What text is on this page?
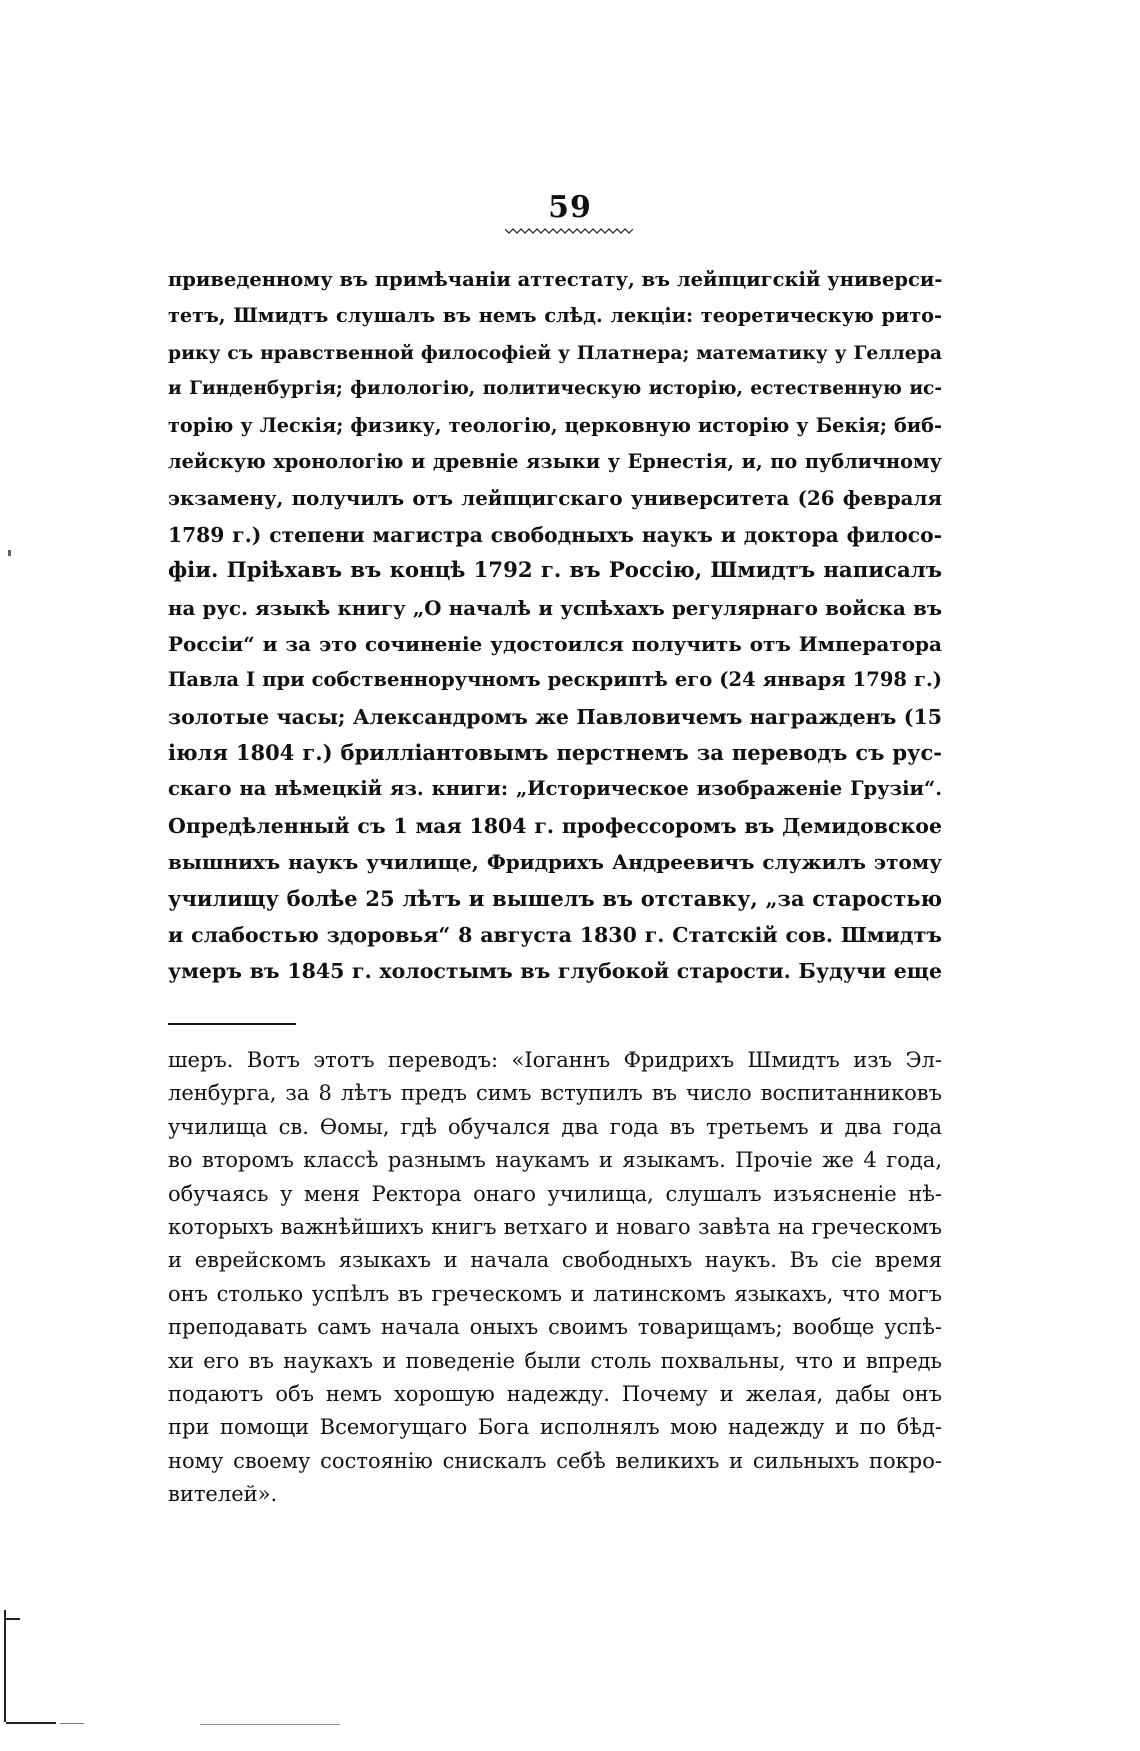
59
приведенному въ примѣчаніи аттестату, въ лейпцигскій универси-
тетъ, Шмидтъ слушалъ въ немъ слѣд. лекціи: теоретическую рито-
рику съ нравственной философіей у Платнера; математику у Геллера
и Гинденбургія; филологію, политическую исторію, естественную ис-
торію у Лескія; физику, теологію, церковную исторію у Бекія; биб-
лейскую хронологію и древніе языки у Ернестія, и, по публичному
экзамену, получилъ отъ лейпцигскаго университета (26 февраля
1789 г.) степени магистра свободныхъ наукъ и доктора филосо-
фіи. Пріѣхавъ въ концѣ 1792 г. въ Россію, Шмидтъ написалъ
на рус. языкѣ книгу „О началѣ и успѣхахъ регулярнаго войска въ
Россіи“ и за это сочиненіе удостоился получить отъ Императора
Павла I при собственноручномъ рескриптѣ его (24 января 1798 г.)
золотые часы; Александромъ же Павловичемъ награжденъ (15
іюля 1804 г.) брилліантовымъ перстнемъ за переводъ съ рус-
скаго на нѣмецкій яз. книги: „Историческое изображеніе Грузіи“.
Опредѣленный съ 1 мая 1804 г. профессоромъ въ Демидовское
вышнихъ наукъ училище, Фридрихъ Андреевичъ служилъ этому
училищу болѣе 25 лѣтъ и вышелъ въ отставку, „за старостью
и слабостью здоровья“ 8 августа 1830 г. Статскій сов. Шмидтъ
умеръ въ 1845 г. холостымъ въ глубокой старости. Будучи еще
шеръ. Вотъ этотъ переводъ: «Іоганнъ Фридрихъ Шмидтъ изъ Эл-
ленбурга, за 8 лѣтъ предъ симъ вступилъ въ число воспитанниковъ
училища св. Ѳомы, гдѣ обучался два года въ третьемъ и два года
во второмъ классѣ разнымъ наукамъ и языкамъ. Прочіе же 4 года,
обучаясь у меня Ректора онаго училища, слушалъ изъясненіе нѣ-
которыхъ важнѣйшихъ книгъ ветхаго и новаго завѣта на греческомъ
и еврейскомъ языкахъ и начала свободныхъ наукъ. Въ сіе время
онъ столько успѣлъ въ греческомъ и латинскомъ языкахъ, что могъ
преподавать самъ начала оныхъ своимъ товарищамъ; вообще успѣ-
хи его въ наукахъ и поведеніе были столь похвальны, что и впредь
подаютъ объ немъ хорошую надежду. Почему и желая, дабы онъ
при помощи Всемогущаго Бога исполнялъ мою надежду и по бѣд-
ному своему состоянію снискалъ себѣ великихъ и сильныхъ покро-
вителей».
